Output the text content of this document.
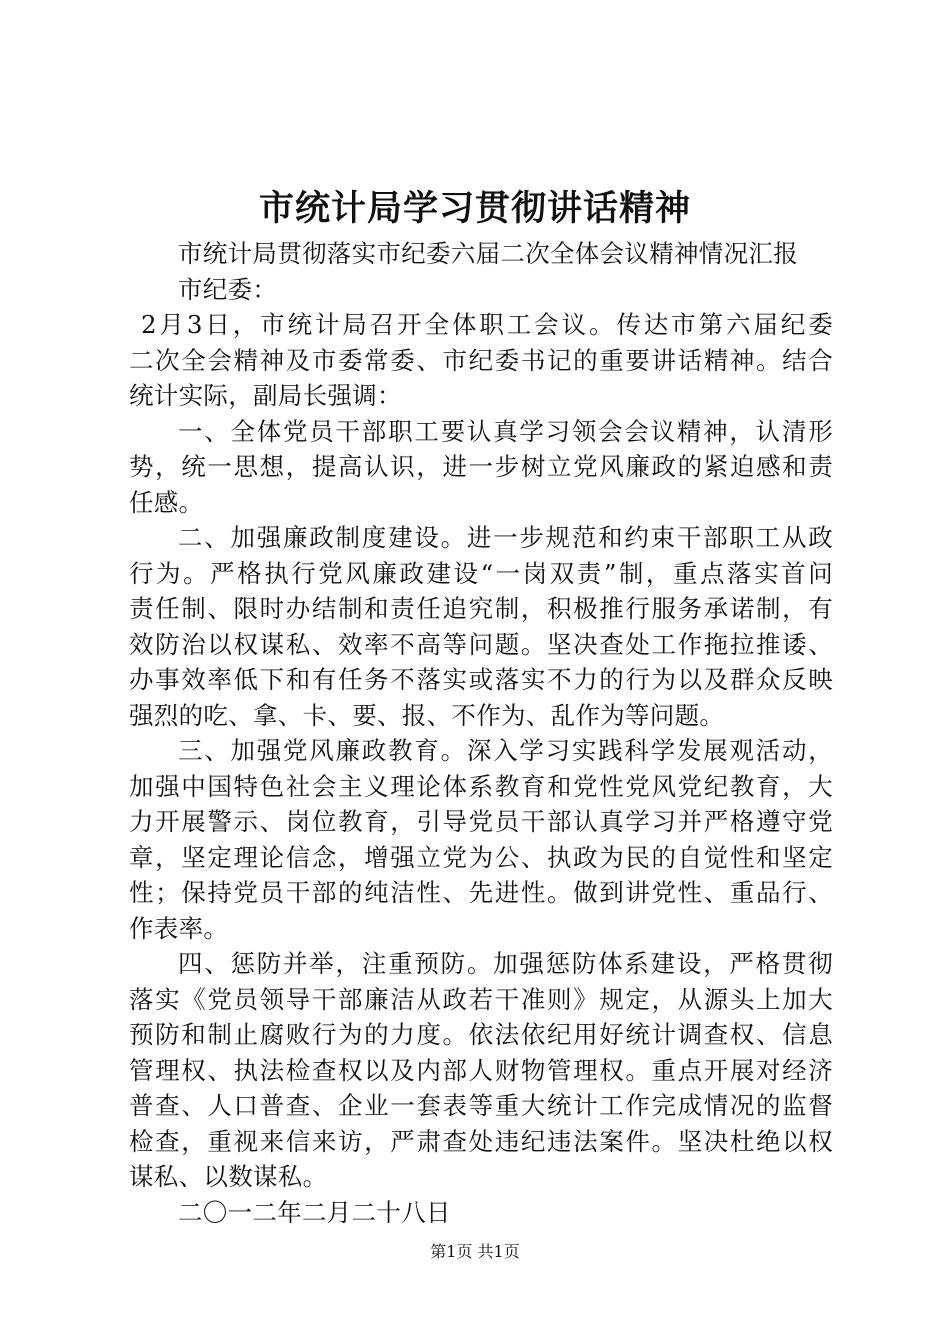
市统计局学习贯彻讲话精神
市统计局贯彻落实市纪委六届二次全体会议精神情况汇报
市纪委：
2月3日，市统计局召开全体职工会议。传达市第六届纪委
二次全会精神及市委常委、市纪委书记的重要讲话精神。结合
统计实际，副局长强调：
一、全体党员干部职工要认真学习领会会议精神，认清形
势，统一思想，提高认识，进一步树立党风廉政的紧迫感和责
任感。
二、加强廉政制度建设。进一步规范和约束干部职工从政
行为。严格执行党风廉政建设“一岗双责”制，重点落实首问
责任制、限时办结制和责任追究制，积极推行服务承诺制，有
效防治以权谋私、效率不高等问题。坚决查处工作拖拉推诿、
办事效率低下和有任务不落实或落实不力的行为以及群众反映
强烈的吃、拿、卡、要、报、不作为、乱作为等问题。
三、加强党风廉政教育。深入学习实践科学发展观活动，
加强中国特色社会主义理论体系教育和党性党风党纪教育，大
力开展警示、岗位教育，引导党员干部认真学习并严格遵守党
章，坚定理论信念，增强立党为公、执政为民的自觉性和坚定
性；保持党员干部的纯洁性、先进性。做到讲党性、重品行、
作表率。
四、惩防并举，注重预防。加强惩防体系建设，严格贯彻
落实《党员领导干部廉洁从政若干准则》规定，从源头上加大
预防和制止腐败行为的力度。依法依纪用好统计调查权、信息
管理权、执法检查权以及内部人财物管理权。重点开展对经济
普查、人口普查、企业一套表等重大统计工作完成情况的监督
检查，重视来信来访，严肃查处违纪违法案件。坚决杜绝以权
谋私、以数谋私。
二〇一二年二月二十八日
第1页 共1页
